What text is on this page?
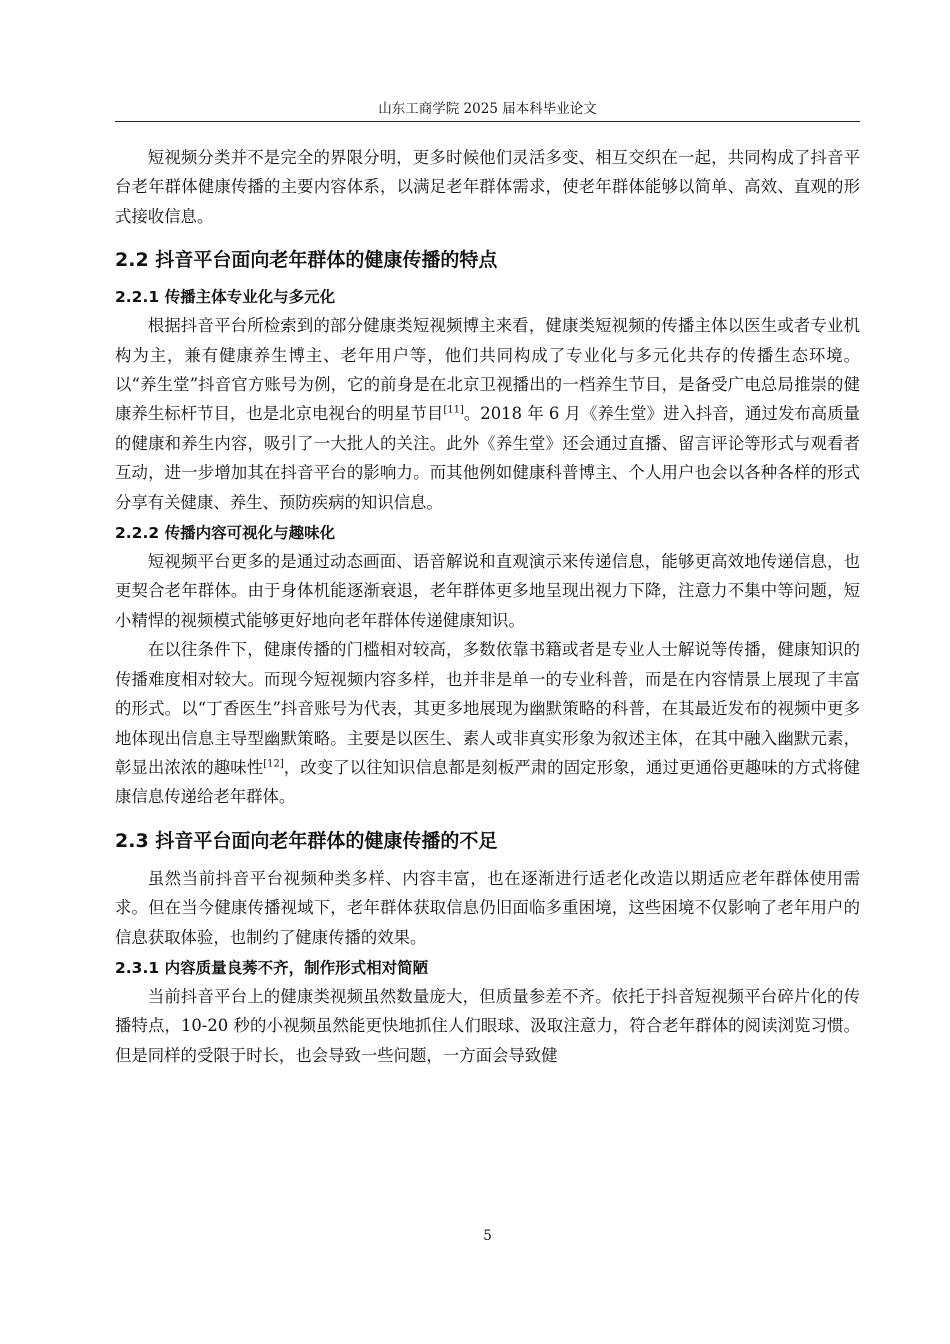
山东工商学院 2025 届本科毕业论文

短视频分类并不是完全的界限分明，更多时候他们灵活多变、相互交织在一起，共同构成了抖音平台老年群体健康传播的主要内容体系，以满足老年群体需求，使老年群体能够以简单、高效、直观的形式接收信息。

2.2 抖音平台面向老年群体的健康传播的特点
2.2.1 传播主体专业化与多元化

根据抖音平台所检索到的部分健康类短视频博主来看，健康类短视频的传播主体以医生或者专业机构为主，兼有健康养生博主、老年用户等，他们共同构成了专业化与多元化共存的传播生态环境。以“养生堂”抖音官方账号为例，它的前身是在北京卫视播出的一档养生节目，是备受广电总局推崇的健康养生标杆节目，也是北京电视台的明星节目[11]。2018 年 6 月《养生堂》进入抖音，通过发布高质量的健康和养生内容，吸引了一大批人的关注。此外《养生堂》还会通过直播、留言评论等形式与观看者互动，进一步增加其在抖音平台的影响力。而其他例如健康科普博主、个人用户也会以各种各样的形式分享有关健康、养生、预防疾病的知识信息。

2.2.2 传播内容可视化与趣味化

短视频平台更多的是通过动态画面、语音解说和直观演示来传递信息，能够更高效地传递信息，也更契合老年群体。由于身体机能逐渐衰退，老年群体更多地呈现出视力下降，注意力不集中等问题，短小精悍的视频模式能够更好地向老年群体传递健康知识。

在以往条件下，健康传播的门槛相对较高，多数依靠书籍或者是专业人士解说等传播，健康知识的传播难度相对较大。而现今短视频内容多样，也并非是单一的专业科普，而是在内容情景上展现了丰富的形式。以“丁香医生”抖音账号为代表，其更多地展现为幽默策略的科普，在其最近发布的视频中更多地体现出信息主导型幽默策略。主要是以医生、素人或非真实形象为叙述主体，在其中融入幽默元素，彰显出浓浓的趣味性[12]，改变了以往知识信息都是刻板严肃的固定形象，通过更通俗更趣味的方式将健康信息传递给老年群体。

2.3 抖音平台面向老年群体的健康传播的不足

虽然当前抖音平台视频种类多样、内容丰富，也在逐渐进行适老化改造以期适应老年群体使用需求。但在当今健康传播视域下，老年群体获取信息仍旧面临多重困境，这些困境不仅影响了老年用户的信息获取体验，也制约了健康传播的效果。

2.3.1 内容质量良莠不齐，制作形式相对简陋

当前抖音平台上的健康类视频虽然数量庞大，但质量参差不齐。依托于抖音短视频平台碎片化的传播特点，10-20 秒的小视频虽然能更快地抓住人们眼球、汲取注意力，符合老年群体的阅读浏览习惯。但是同样的受限于时长，也会导致一些问题，一方面会导致健

5
